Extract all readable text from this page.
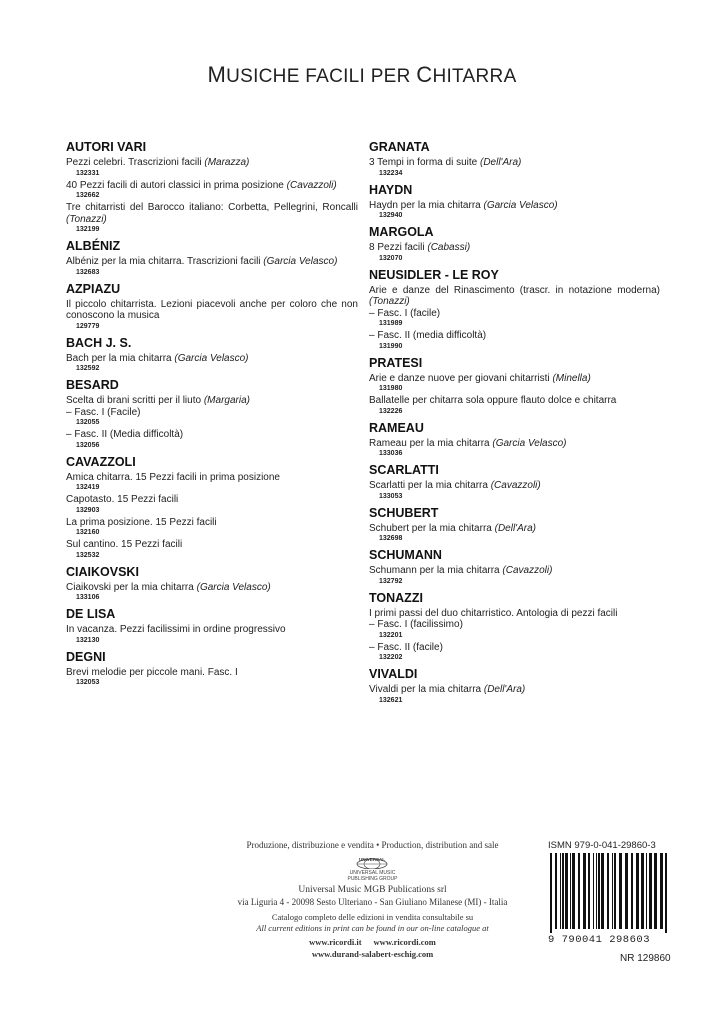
MUSICHE FACILI PER CHITARRA
AUTORI VARI
Pezzi celebri. Trascrizioni facili (Marazza)
132331
40 Pezzi facili di autori classici in prima posizione (Cavazzoli)
132662
Tre chitarristi del Barocco italiano: Corbetta, Pellegrini, Roncalli (Tonazzi)
132199
ALBÉNIZ
Albéniz per la mia chitarra. Trascrizioni facili (Garcia Velasco)
132683
AZPIAZU
Il piccolo chitarrista. Lezioni piacevoli anche per coloro che non conoscono la musica
129779
BACH J. S.
Bach per la mia chitarra (Garcia Velasco)
132592
BESARD
Scelta di brani scritti per il liuto (Margaria)
– Fasc. I (Facile)
132055
– Fasc. II (Media difficoltà)
132056
CAVAZZOLI
Amica chitarra. 15 Pezzi facili in prima posizione
132419
Capotasto. 15 Pezzi facili
132903
La prima posizione. 15 Pezzi facili
132160
Sul cantino. 15 Pezzi facili
132532
CIAIKOVSKI
Ciaikovski per la mia chitarra (Garcia Velasco)
133106
DE LISA
In vacanza. Pezzi facilissimi in ordine progressivo
132130
DEGNI
Brevi melodie per piccole mani. Fasc. I
132053
GRANATA
3 Tempi in forma di suite (Dell'Ara)
132234
HAYDN
Haydn per la mia chitarra (Garcia Velasco)
132940
MARGOLA
8 Pezzi facili (Cabassi)
132070
NEUSIDLER - LE ROY
Arie e danze del Rinascimento (trascr. in notazione moderna) (Tonazzi)
– Fasc. I (facile)
131989
– Fasc. II (media difficoltà)
131990
PRATESI
Arie e danze nuove per giovani chitarristi (Minella)
131980
Ballatelle per chitarra sola oppure flauto dolce e chitarra
132226
RAMEAU
Rameau per la mia chitarra (Garcia Velasco)
133036
SCARLATTI
Scarlatti per la mia chitarra (Cavazzoli)
133053
SCHUBERT
Schubert per la mia chitarra (Dell'Ara)
132698
SCHUMANN
Schumann per la mia chitarra (Cavazzoli)
132792
TONAZZI
I primi passi del duo chitarristico. Antologia di pezzi facili
– Fasc. I (facilissimo)
132201
– Fasc. II (facile)
132202
VIVALDI
Vivaldi per la mia chitarra (Dell'Ara)
132621
Produzione, distribuzione e vendita • Production, distribution and sale
UNIVERSAL
UNIVERSAL MUSIC
PUBLISHING GROUP
Universal Music MGB Publications srl
via Liguria 4 - 20098 Sesto Ulteriano - San Giuliano Milanese (MI) - Italia
Catalogo completo delle edizioni in vendita consultabile su
All current editions in print can be found in our on-line catalogue at
www.ricordi.it www.ricordi.com
www.durand-salabert-eschig.com
ISMN 979-0-041-29860-3
9 790041 298603
NR 129860
